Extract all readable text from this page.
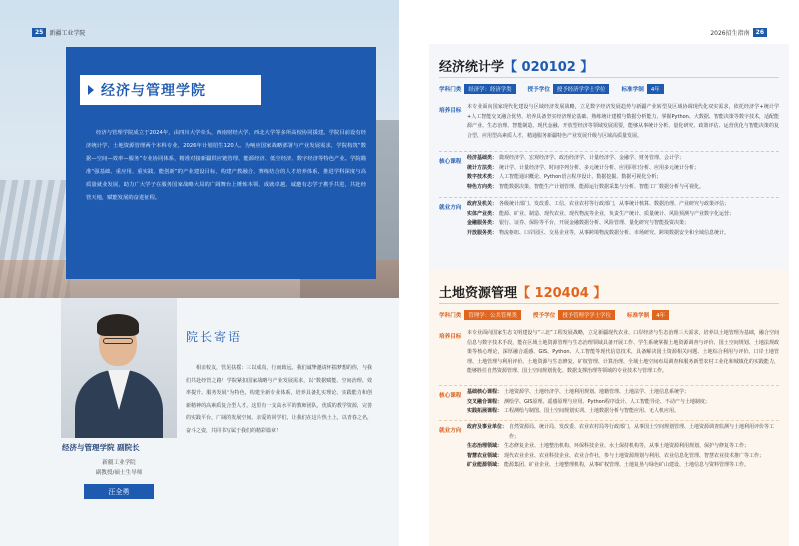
25	新疆工业学院
经济与管理学院

经济与管理学院成立于2024年，由四川大学牵头，西南财经大学、西北大学等多所高校协同援建。学院目前设有经济统计学、土地资源管理两个本科专业，2026年计划招生120人。为响应国家战略部署与产业发展需求，学院构筑“数据—空间—效率—服务”专业协同体系，精准对接新疆供应链管理、能源经济、低空经济、数字经济等特色产业。学院瞄准“强基础、重应用、重实践、能创新”的产业建设目标，构建产教融合、赛练结合的人才培养体系，推进学科深度与高质量就业发展，助力广大学子在服务国家战略大局的广阔舞台上锤炼本领、成就卓越，诚邀有志学子携手共进，共赴经管天地，赋能发展的奋进征程。

经济与管理学院 副院长
新疆工业学院
副教授/硕士生导师
汪全勇
院长寄语

相亲校友，管见扶摇：三以成真，行而致远。我们诚挚邀请怀揣梦想的你，与我们共赴经管之路！学院紧扣国家战略与产业发展需求，以“数据赋能、空间治理、效率提升、服务发展”为特色，构建全新专业体系，培养具备扎实理论、实践能力和创新精神的高素质复合型人才。这里有一支高水平的教师团队，优质的教学资源，完善的实践平台，广阔的发展空间。亲爱的同学们，让我们在这片热土上，以青春之名，奋斗之姿，共同书写属于我们的精彩篇章！

2026招生指南	26
经济统计学【 020102 】
学科门类	经济学：经济学类	授予学位	授予经济学学士学位	标准学制	4年
培养目标

本专业面向国家现代化建设与区域经济发展战略，立足数字经济发展趋势与新疆产业转型及区域协调现代化双实需求，依托经济学+统计学+人工智能交叉融合优势，培养具备坚实经济理论基础、熟练统计建模与数据分析能力，掌握Python、大数据、智能决策等数字技术，适配能源产业、生态治理、智能制造、现代金融、开放型经济等领域发展需要，能够从事统计分析、量化研究、政策评估、运营优化与智能决策的复合型、应用型高素质人才，精通服务新疆特色产业发展升级与区域高质量发展。

核心课程
经济基础类： 微观经济学、宏观经济学、政治经济学、计量经济学、金融学、财务管理、会计学；
统计方法类： 统计学、计量经济学、时间序列分析、多元统计分析、应用回归分析、应用多元统计分析；
数字技术类： 人工智能通识概论、Python语言程序设计、数据挖掘、数据可视化分析；
特色方向类： 智能数据决策、智能生产计划管理、能源运行数据采集与分析、智能工厂数据分析与可视化。
就业方向
政府及机关： 各级统计部门、发改委、工信、农业农村等行政部门，从事统计核算、数据治理、产业研究与政策评估；
实体产业类： 能源、矿业、制造、现代农业、现代物流等企业，负责生产统计、质量统计、风险预测与产业数字化运营；
金融服务类： 银行、证券、保险等平台，开展金融数据分析、风险管理、量化研究与智能投资决策；
开放服务类： 物流枢纽、口岸园区、交易企业等，从事跨境物流数据分析、市场研究、跨境数据安全和全域信息统计。
土地资源管理【 120404 】
学科门类	管理学：公共管理类	授予学位	授予管理学学士学位	标准学制	4年
培养目标

本专业面向国家生态文明建设与“三北”工程发展战略，立足新疆现代农业、口岸经济与生态治理三大需求，培养以土地管理为基础，融合空间信息与数字技术手段，能在区域土地资源管理与生态治理领域具备开展工作、学生系统掌握土地资源调查与评价、国土空间规划、土地法规政策等核心理论，深厚融合遥感、GIS、Python、人工智能等现代信息技术，具备解决国土资源相关问题、土地综合利用与评价、口岸土地管理、土地管理与利用评价、土地资源与生态修复、矿权管理、计算治理、全域土地空间布局调查和服务新型农村工业化和城镇化的实践能力，能够胜任自然资源管理、国土空间规划优化、数据支撑治理等领域的专业技术与管理工作。

核心课程
基础核心课程： 土地资源学、土地经济学、土地利用规划、地籍管理、土地法学、土地信息系统学；
交叉融合课程： 测绘学、GIS原理、遥感原理与应用、Python程序设计、人工智能导论、不动产与土地制度；
实践拓展课程： 工程测绘与制图、国土空间规划实训、土地数据分析与智能应用、无人机应用。
就业方向
政府及事业单位： 自然资源局、统计局、发改委、农业农村局等行政部门，从事国土空间规划管理、土地资源调查监测与土地利用评价等工作；
生态治理领域： 生态修复企业、土地整治机构、环保科技企业、水土保持机构等，从事土地资源利用规划、保护与修复等工作；
智慧农业领域： 现代农业企业、农业科技企业、农业合作社，参与土地资源规划与利用、农业信息化管理、智慧农业技术推广等工作；
矿业能源领域： 能源集团、矿业企业、土地整理机构，从事矿权管理、土地复垦与绿色矿山建设、土地信息与资料管理等工作。
